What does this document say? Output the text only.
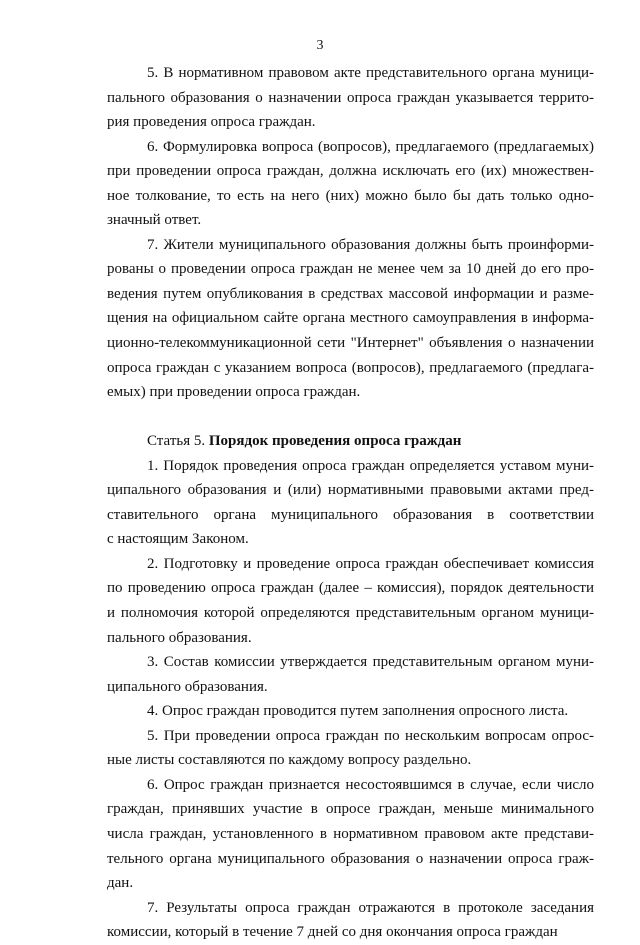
3
5. В нормативном правовом акте представительного органа муници-
пального образования о назначении опроса граждан указывается террито-
рия проведения опроса граждан.
6. Формулировка вопроса (вопросов), предлагаемого (предлагаемых)
при проведении опроса граждан, должна исключать его (их) множествен-
ное толкование, то есть на него (них) можно было бы дать только одно-
значный ответ.
7. Жители муниципального образования должны быть проинформи-
рованы о проведении опроса граждан не менее чем за 10 дней до его про-
ведения путем опубликования в средствах массовой информации и разме-
щения на официальном сайте органа местного самоуправления в информа-
ционно-телекоммуникационной сети "Интернет" объявления о назначении
опроса граждан с указанием вопроса (вопросов), предлагаемого (предлага-
емых) при проведении опроса граждан.
Статья 5. Порядок проведения опроса граждан
1. Порядок проведения опроса граждан определяется уставом муни-
ципального образования и (или) нормативными правовыми актами пред-
ставительного органа муниципального образования в соответствии
с настоящим Законом.
2. Подготовку и проведение опроса граждан обеспечивает комиссия
по проведению опроса граждан (далее – комиссия), порядок деятельности
и полномочия которой определяются представительным органом муници-
пального образования.
3. Состав комиссии утверждается представительным органом муни-
ципального образования.
4. Опрос граждан проводится путем заполнения опросного листа.
5. При проведении опроса граждан по нескольким вопросам опрос-
ные листы составляются по каждому вопросу раздельно.
6. Опрос граждан признается несостоявшимся в случае, если число
граждан, принявших участие в опросе граждан, меньше минимального
числа граждан, установленного в нормативном правовом акте представи-
тельного органа муниципального образования о назначении опроса граж-
дан.
7. Результаты опроса граждан отражаются в протоколе заседания
комиссии, который в течение 7 дней со дня окончания опроса граждан
